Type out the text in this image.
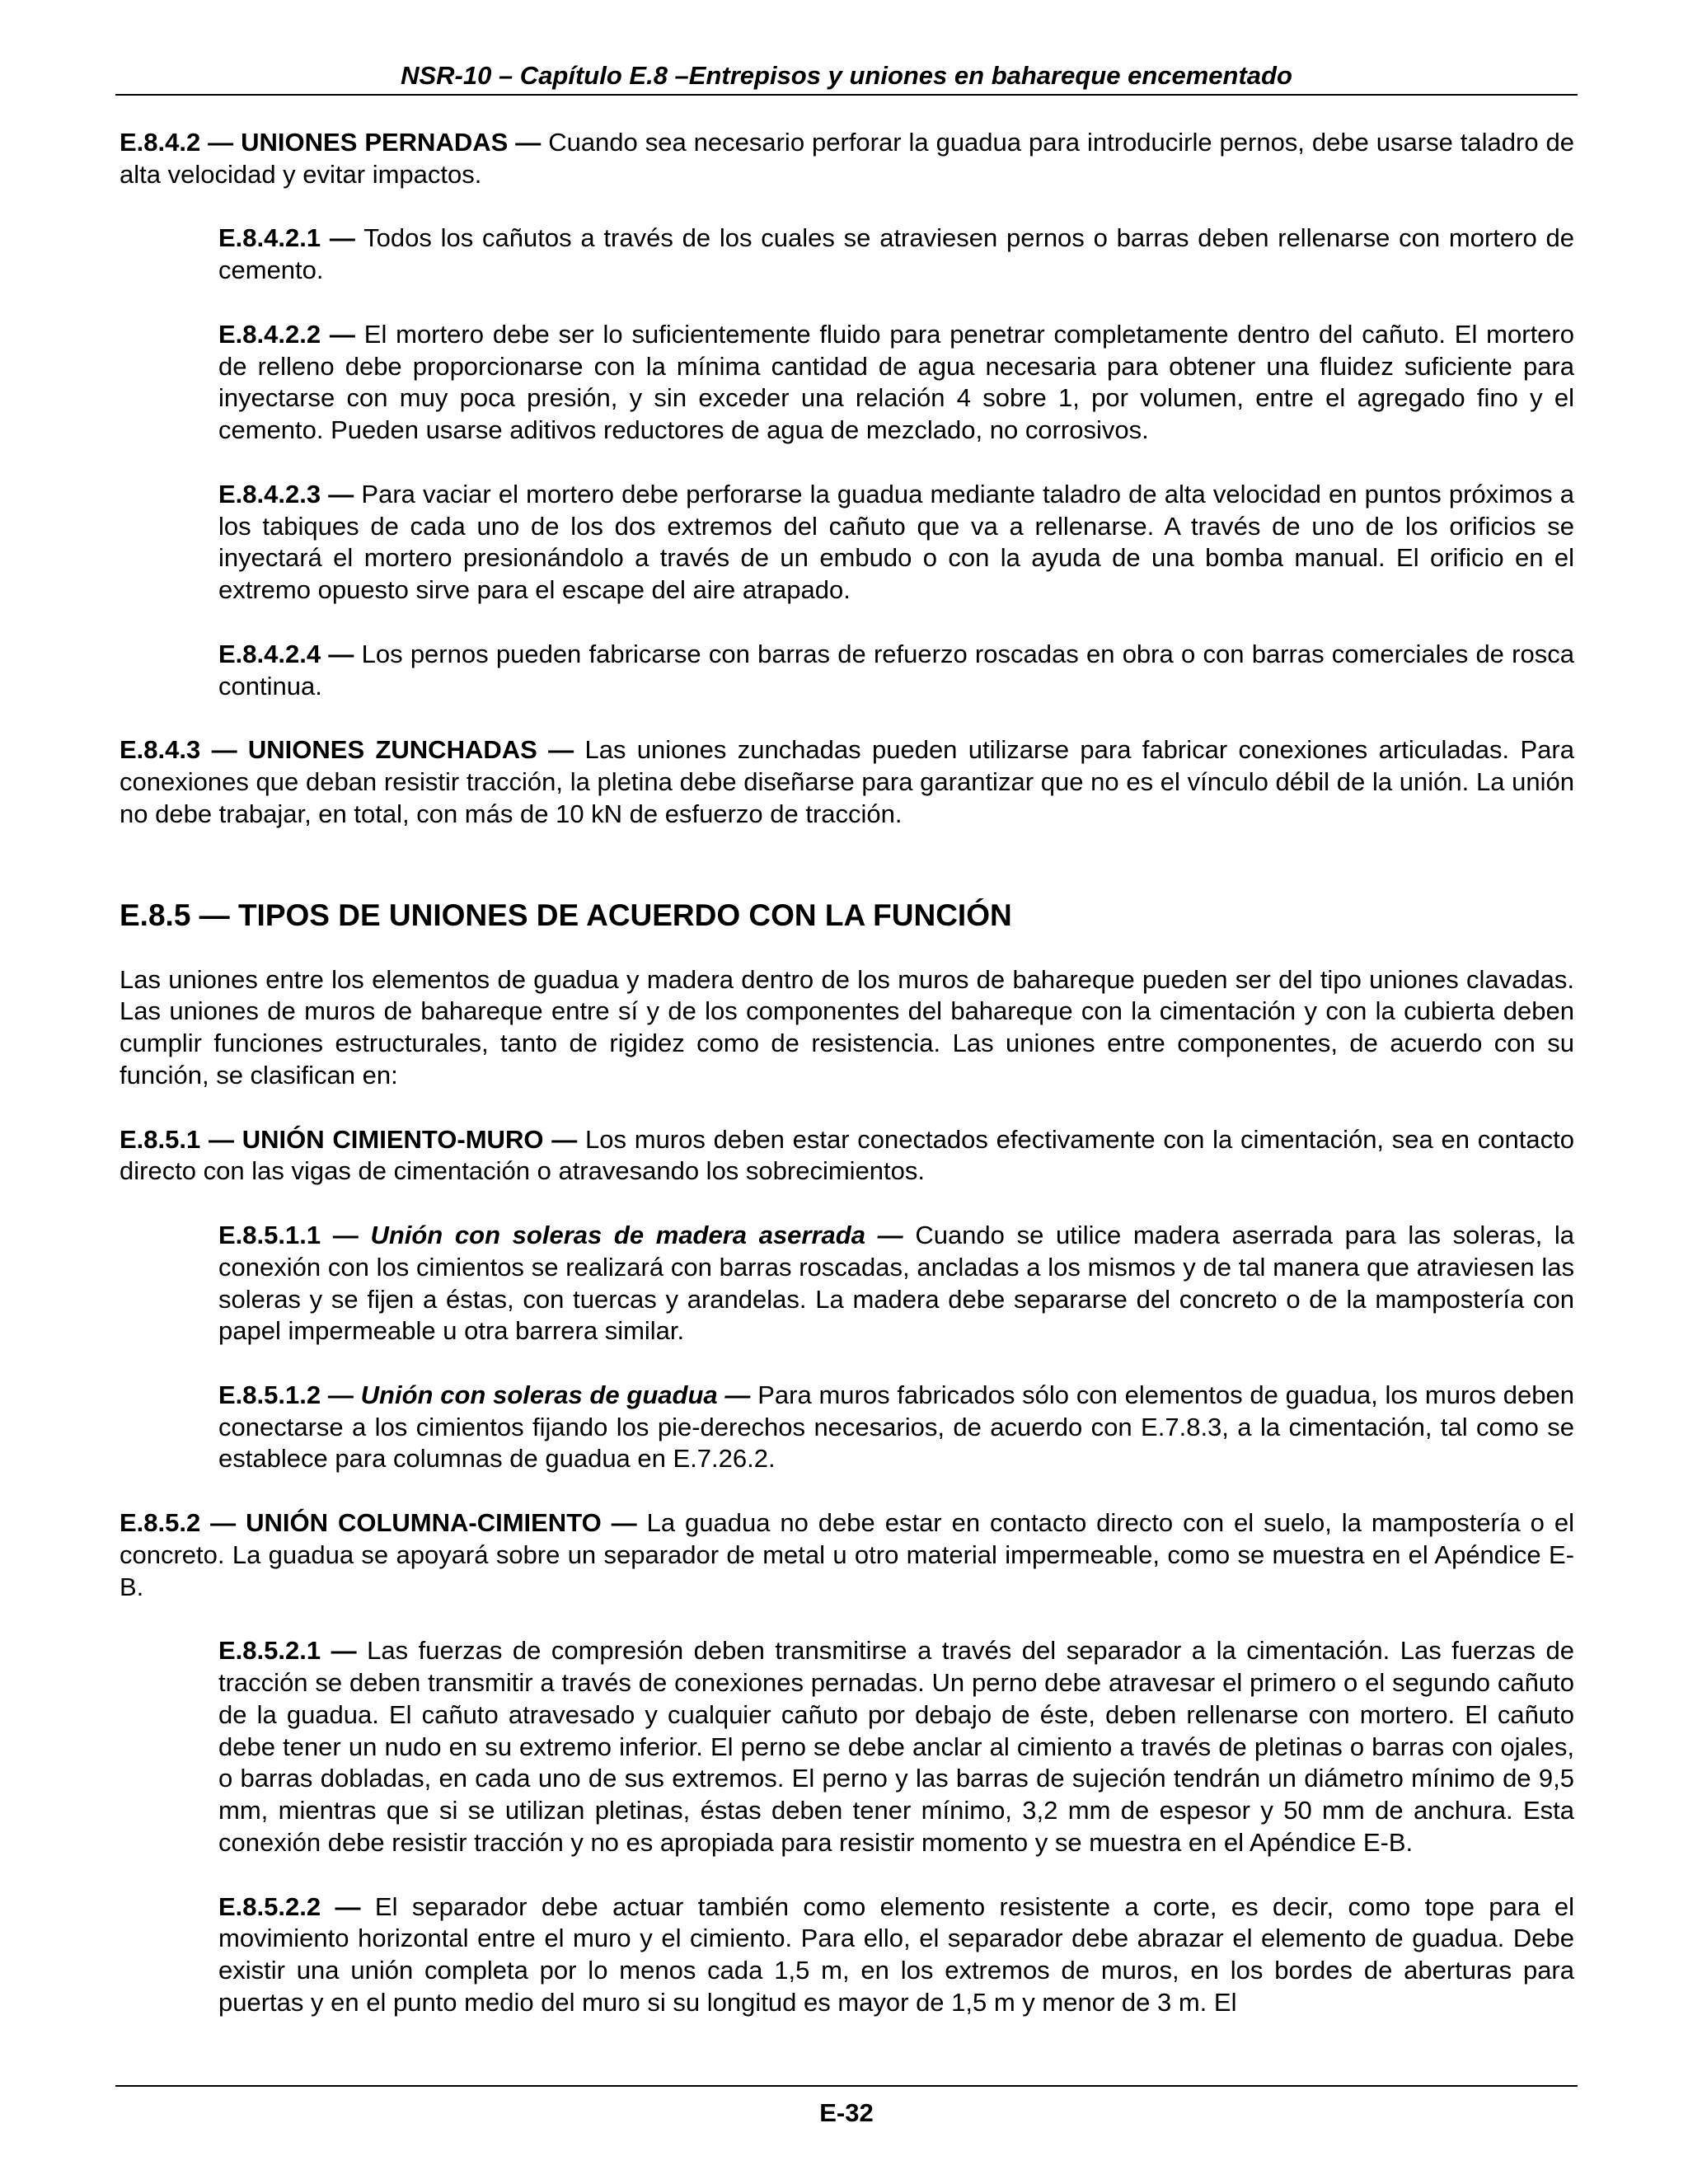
NSR-10 – Capítulo E.8 –Entrepisos y uniones en bahareque encementado

E.8.4.2 — UNIONES PERNADAS — Cuando sea necesario perforar la guadua para introducirle pernos, debe usarse taladro de alta velocidad y evitar impactos.

E.8.4.2.1 — Todos los cañutos a través de los cuales se atraviesen pernos o barras deben rellenarse con mortero de cemento.

E.8.4.2.2 — El mortero debe ser lo suficientemente fluido para penetrar completamente dentro del cañuto. El mortero de relleno debe proporcionarse con la mínima cantidad de agua necesaria para obtener una fluidez suficiente para inyectarse con muy poca presión, y sin exceder una relación 4 sobre 1, por volumen, entre el agregado fino y el cemento. Pueden usarse aditivos reductores de agua de mezclado, no corrosivos.

E.8.4.2.3 — Para vaciar el mortero debe perforarse la guadua mediante taladro de alta velocidad en puntos próximos a los tabiques de cada uno de los dos extremos del cañuto que va a rellenarse. A través de uno de los orificios se inyectará el mortero presionándolo a través de un embudo o con la ayuda de una bomba manual. El orificio en el extremo opuesto sirve para el escape del aire atrapado.

E.8.4.2.4 — Los pernos pueden fabricarse con barras de refuerzo roscadas en obra o con barras comerciales de rosca continua.

E.8.4.3 — UNIONES ZUNCHADAS — Las uniones zunchadas pueden utilizarse para fabricar conexiones articuladas. Para conexiones que deban resistir tracción, la pletina debe diseñarse para garantizar que no es el vínculo débil de la unión. La unión no debe trabajar, en total, con más de 10 kN de esfuerzo de tracción.

E.8.5 — TIPOS DE UNIONES DE ACUERDO CON LA FUNCIÓN

Las uniones entre los elementos de guadua y madera dentro de los muros de bahareque pueden ser del tipo uniones clavadas. Las uniones de muros de bahareque entre sí y de los componentes del bahareque con la cimentación y con la cubierta deben cumplir funciones estructurales, tanto de rigidez como de resistencia. Las uniones entre componentes, de acuerdo con su función, se clasifican en:

E.8.5.1 — UNIÓN CIMIENTO-MURO — Los muros deben estar conectados efectivamente con la cimentación, sea en contacto directo con las vigas de cimentación o atravesando los sobrecimientos.

E.8.5.1.1 — Unión con soleras de madera aserrada — Cuando se utilice madera aserrada para las soleras, la conexión con los cimientos se realizará con barras roscadas, ancladas a los mismos y de tal manera que atraviesen las soleras y se fijen a éstas, con tuercas y arandelas. La madera debe separarse del concreto o de la mampostería con papel impermeable u otra barrera similar.

E.8.5.1.2 — Unión con soleras de guadua — Para muros fabricados sólo con elementos de guadua, los muros deben conectarse a los cimientos fijando los pie-derechos necesarios, de acuerdo con E.7.8.3, a la cimentación, tal como se establece para columnas de guadua en E.7.26.2.

E.8.5.2 — UNIÓN COLUMNA-CIMIENTO — La guadua no debe estar en contacto directo con el suelo, la mampostería o el concreto. La guadua se apoyará sobre un separador de metal u otro material impermeable, como se muestra en el Apéndice E-B.

E.8.5.2.1 — Las fuerzas de compresión deben transmitirse a través del separador a la cimentación. Las fuerzas de tracción se deben transmitir a través de conexiones pernadas. Un perno debe atravesar el primero o el segundo cañuto de la guadua. El cañuto atravesado y cualquier cañuto por debajo de éste, deben rellenarse con mortero. El cañuto debe tener un nudo en su extremo inferior. El perno se debe anclar al cimiento a través de pletinas o barras con ojales, o barras dobladas, en cada uno de sus extremos. El perno y las barras de sujeción tendrán un diámetro mínimo de 9,5 mm, mientras que si se utilizan pletinas, éstas deben tener mínimo, 3,2 mm de espesor y 50 mm de anchura. Esta conexión debe resistir tracción y no es apropiada para resistir momento y se muestra en el Apéndice E-B.

E.8.5.2.2 — El separador debe actuar también como elemento resistente a corte, es decir, como tope para el movimiento horizontal entre el muro y el cimiento. Para ello, el separador debe abrazar el elemento de guadua. Debe existir una unión completa por lo menos cada 1,5 m, en los extremos de muros, en los bordes de aberturas para puertas y en el punto medio del muro si su longitud es mayor de 1,5 m y menor de 3 m. El

E-32
